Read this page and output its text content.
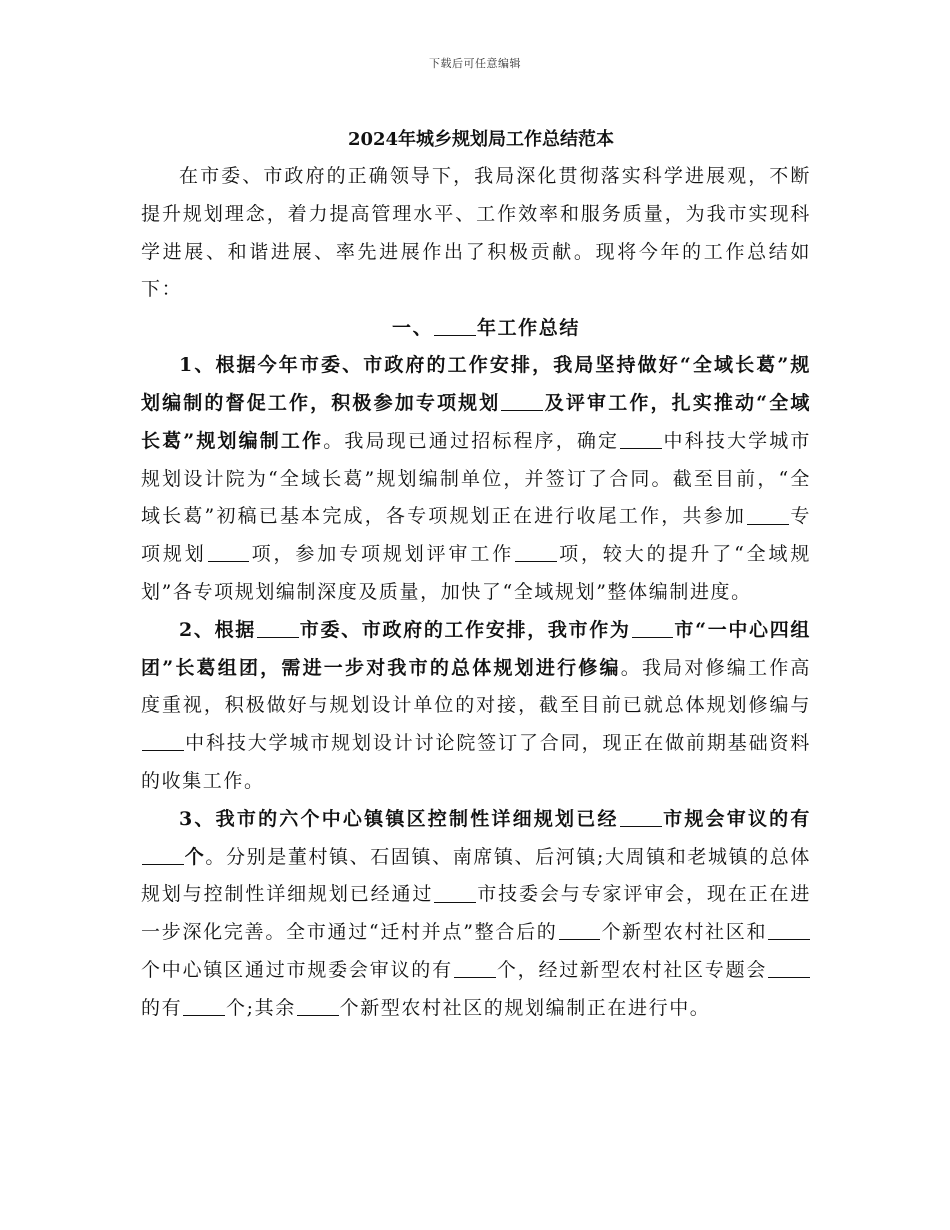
下载后可任意编辑
2024年城乡规划局工作总结范本

在市委、市政府的正确领导下，我局深化贯彻落实科学进展观，不断提升规划理念，着力提高管理水平、工作效率和服务质量，为我市实现科学进展、和谐进展、率先进展作出了积极贡献。现将今年的工作总结如下：

一、 年工作总结

1、根据今年市委、市政府的工作安排，我局坚持做好“全域长葛”规划编制的督促工作，积极参加专项规划 及评审工作，扎实推动“全域长葛”规划编制工作。我局现已通过招标程序，确定 中科技大学城市规划设计院为“全域长葛”规划编制单位，并签订了合同。截至目前，“全域长葛”初稿已基本完成，各专项规划正在进行收尾工作，共参加 专项规划 项，参加专项规划评审工作 项，较大的提升了“全域规划”各专项规划编制深度及质量，加快了“全域规划”整体编制进度。

2、根据 市委、市政府的工作安排，我市作为 市“一中心四组团”长葛组团，需进一步对我市的总体规划进行修编。我局对修编工作高度重视，积极做好与规划设计单位的对接，截至目前已就总体规划修编与中科技大学城市规划设计讨论院签订了合同，现正在做前期基础资料的收集工作。

3、我市的六个中心镇镇区控制性详细规划已经 市规会审议的有个。分别是董村镇、石固镇、南席镇、后河镇;大周镇和老城镇的总体规划与控制性详细规划已经通过 市技委会与专家评审会，现在正在进一步深化完善。全市通过“迁村并点”整合后的 个新型农村社区和个中心镇区通过市规委会审议的有 个，经过新型农村社区专题会的有 个;其余 个新型农村社区的规划编制正在进行中。
